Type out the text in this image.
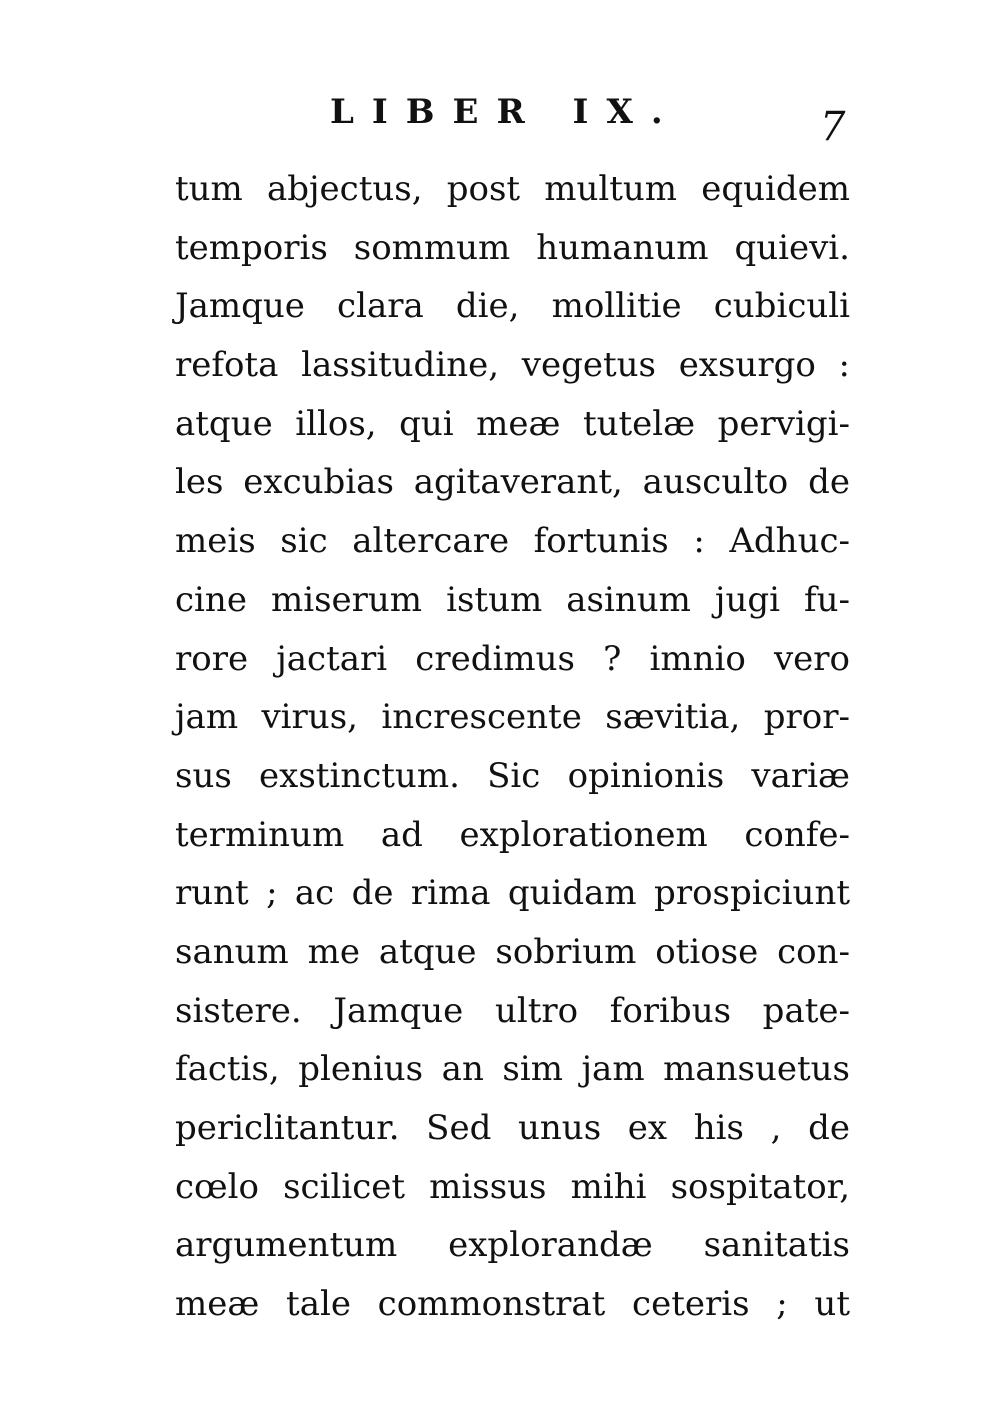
LIBER IX.	7
tum abjectus, post multum equidem
temporis sommum humanum quievi.
Jamque clara die, mollitie cubiculi
refota lassitudine, vegetus exsurgo :
atque illos, qui meæ tutelæ pervigi-
les excubias agitaverant, ausculto de
meis sic altercare fortunis : Adhuc-
cine miserum istum asinum jugi fu-
rore jactari credimus ? imnio vero
jam virus, increscente sævitia, pror-
sus exstinctum. Sic opinionis variæ
terminum ad explorationem confe-
runt ; ac de rima quidam prospiciunt
sanum me atque sobrium otiose con-
sistere. Jamque ultro foribus pate-
factis, plenius an sim jam mansuetus
periclitantur. Sed unus ex his , de
cœlo scilicet missus mihi sospitator,
argumentum explorandæ sanitatis
meæ tale commonstrat ceteris ; ut
